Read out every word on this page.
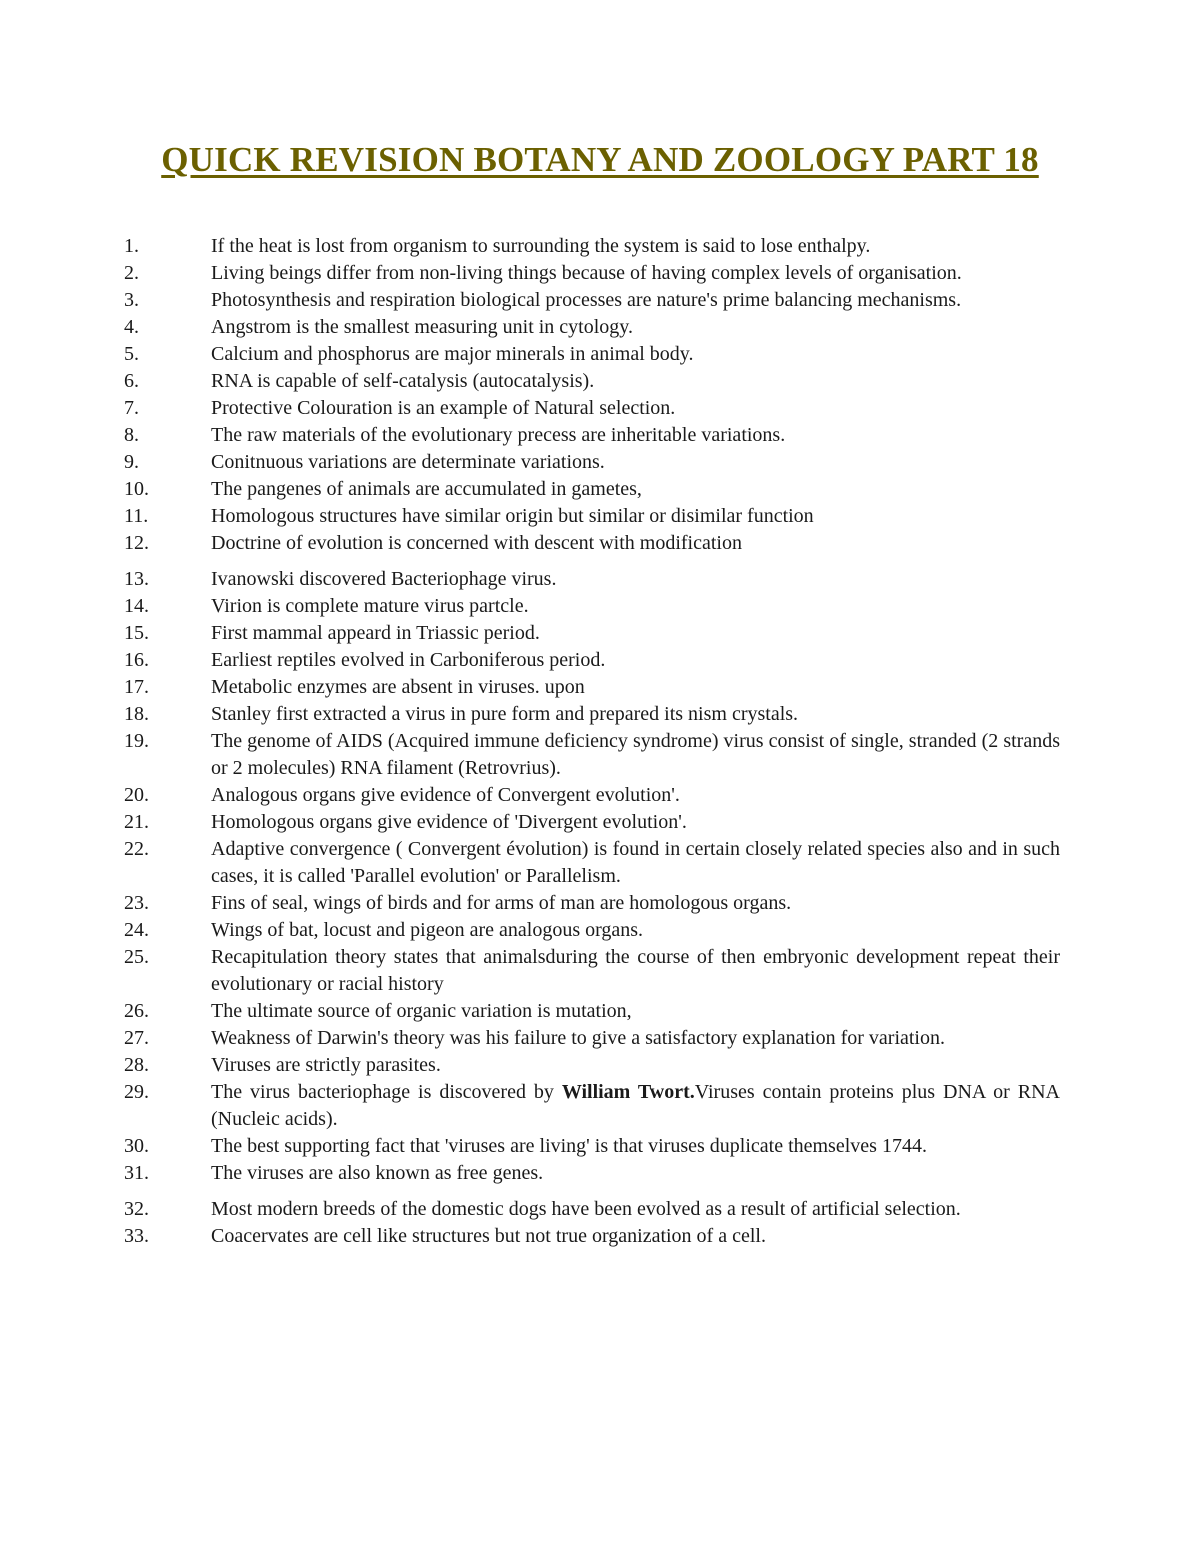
QUICK REVISION BOTANY AND ZOOLOGY PART 18
1.	If the heat is lost from organism to surrounding the system is said to lose enthalpy.
2.	Living beings differ from non-living things because of having complex levels of organisation.
3.	Photosynthesis and respiration biological processes are nature's prime balancing mechanisms.
4.	Angstrom is the smallest measuring unit in cytology.
5.	Calcium and phosphorus are major minerals in animal body.
6.	RNA is capable of self-catalysis (autocatalysis).
7.	Protective Colouration is an example of Natural selection.
8.	The raw materials of the evolutionary precess are inheritable variations.
9.	Conitnuous variations are determinate variations.
10.	The pangenes of animals are accumulated in gametes,
11.	Homologous structures have similar origin but similar or disimilar function
12.	Doctrine of evolution is concerned with descent with modification
13.	Ivanowski discovered Bacteriophage virus.
14.	Virion is complete mature virus partcle.
15.	First mammal appeard in Triassic period.
16.	Earliest reptiles evolved in Carboniferous period.
17.	Metabolic enzymes are absent in viruses. upon
18.	Stanley first extracted a virus in pure form and prepared its nism crystals.
19.	The genome of AIDS (Acquired immune deficiency syndrome) virus consist of single, stranded (2 strands or 2 molecules) RNA filament (Retrovrius).
20.	Analogous organs give evidence of Convergent evolution'.
21.	Homologous organs give evidence of 'Divergent evolution'.
22.	Adaptive convergence ( Convergent évolution) is found in certain closely related species also and in such cases, it is called 'Parallel evolution' or Parallelism.
23.	Fins of seal, wings of birds and for arms of man are homologous organs.
24.	Wings of bat, locust and pigeon are analogous organs.
25.	Recapitulation theory states that animalsduring the course of then embryonic development repeat their evolutionary or racial history
26.	The ultimate source of organic variation is mutation,
27.	Weakness of Darwin's theory was his failure to give a satisfactory explanation for variation.
28.	Viruses are strictly parasites.
29.	The virus bacteriophage is discovered by William Twort.Viruses contain proteins plus DNA or RNA (Nucleic acids).
30.	The best supporting fact that 'viruses are living' is that viruses duplicate themselves 1744.
31.	The viruses are also known as free genes.
32.	Most modern breeds of the domestic dogs have been evolved as a result of artificial selection.
33.	Coacervates are cell like structures but not true organization of a cell.
